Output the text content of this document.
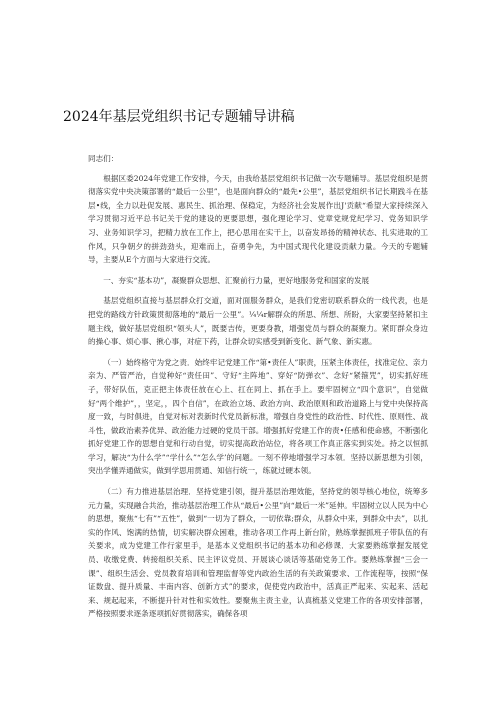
2024年基层党组织书记专题辅导讲稿

同志们：

根据区委2024年党建工作安排，今天，由我给基层党组织书记做一次专题辅导。基层党组织是贯彻落实党中央决策部署的“最后一公里”，也是面向群众的“最先•公里”，基层党组织书记长期践斗在基层•线，全力以赴促发展、惠民生、抓治理、保稳定，为经济社会发展作出J'贡献“希望大家持续深入学习贯彻习近平总书记关于党的建设的更要思想，强化理论学习、党章党规党纪学习、党务知识学习、业务知识学习，把精力放在工作上，把心思用在实干上，以奋发昂扬的精神状态、扎实进取的工作风，只争朝夕的拼劲劲头，迎难而上，奋勇争先，为中国式现代化建设贡献力量。今天的专题辅导，主要从E个方面与大家进行交流。

一、夯实“基本功”，凝聚群众思想、汇聚前行力量，更好地服务党和国家的发展

基层党组织直接与基层群众打交道，面对面服务群众，是我们党密切联系群众的一线代表，也是把党的路线方针政策贯彻落地的“最后一公里”。¼¼r解群众的所思、所想、所盼，大家要坚持紧扣主题主线，做好基层党组织“领头人”，既要吉传，更要身教，增强党员与群众的凝聚力。紧盯群众身边的操心事、烦心事、揪心事，对症下药，让群众切实感受到新变化、新气象、新实惠。

（一）始终格守为党之责．始终牢记党建工作“第•责任人”职责，压紧主体责任，找准定位、亲力亲为、严管严治，自觉种好“责任田”、守好“主阵地”、穿好“防弹衣”、念好“紧箍咒”，切实抓好班子，带好队伍，克正把主体责任放在心上、扛在同上、抓在手上。要牢固树立“四个意识”，自觉做好“两个维护”，，坚定，，四个自信”，在政治立场、政治方向、政治原则和政治道路上与党中央保持高度一致，与时俱进，自觉对标对表新时代党员新标准，增强自身党性的政治性、时代性、原则性、战斗性，做政治素养优异、政治能力过硬的党员干部。增强抓好党建工作的责•任感和使命感，不断强化抓好党建工作的思想自觉和行动自觉，切实提高政治站位，将各项工作真正落实到实处。持之以恒抓学习，解决“为什么学”“学什么”“怎么学’的问题。一刻不停地增强学习本领．坚持以新思想为引领，突出学懂弄通做实，做到学思用贯通、知信行统一，练就过硬本领。

（二）有力推进基层治理．坚持党建引领，提升基层治理效能，坚持党的领导核心地位，统筹多元力量，实现融合共治，推动基层治理工作从“最后•公里”向“最后一米”延伸。牢固树立以人民为中心的思想，聚焦“七有”“五性”，做到“一切为了群众，一切依靠;群众，从群众中来，到群众中去”，以扎实的作风、饱满的热情，切实解决群众困难，推动各项工作再上新台阶，熟练掌握抓班子带队伍的有关要求，成为党建工作行家里手，是基本义党组织书记的基本功和必修课．大家要熟练掌握发展党员、收缴党费、转接组织关系、民主评议党员、开展谈心谈话等基础党务工作。要熟练掌握“三会一课”、组织生活会、党员教育培训和管理监督等党内政治生活的有关政策要求、工作流程等，按照“保证数盘、提升质量、丰南内容、创新方式”的要求，促使党内政治中，活真正严起来、实起来、活起来、规起起来，不断提升针对性和实效性。要聚焦主责主业，认真梳基义党建工作的各项安排部署，严格按照要求逐条逐项抓好贯彻落实，确保各项
